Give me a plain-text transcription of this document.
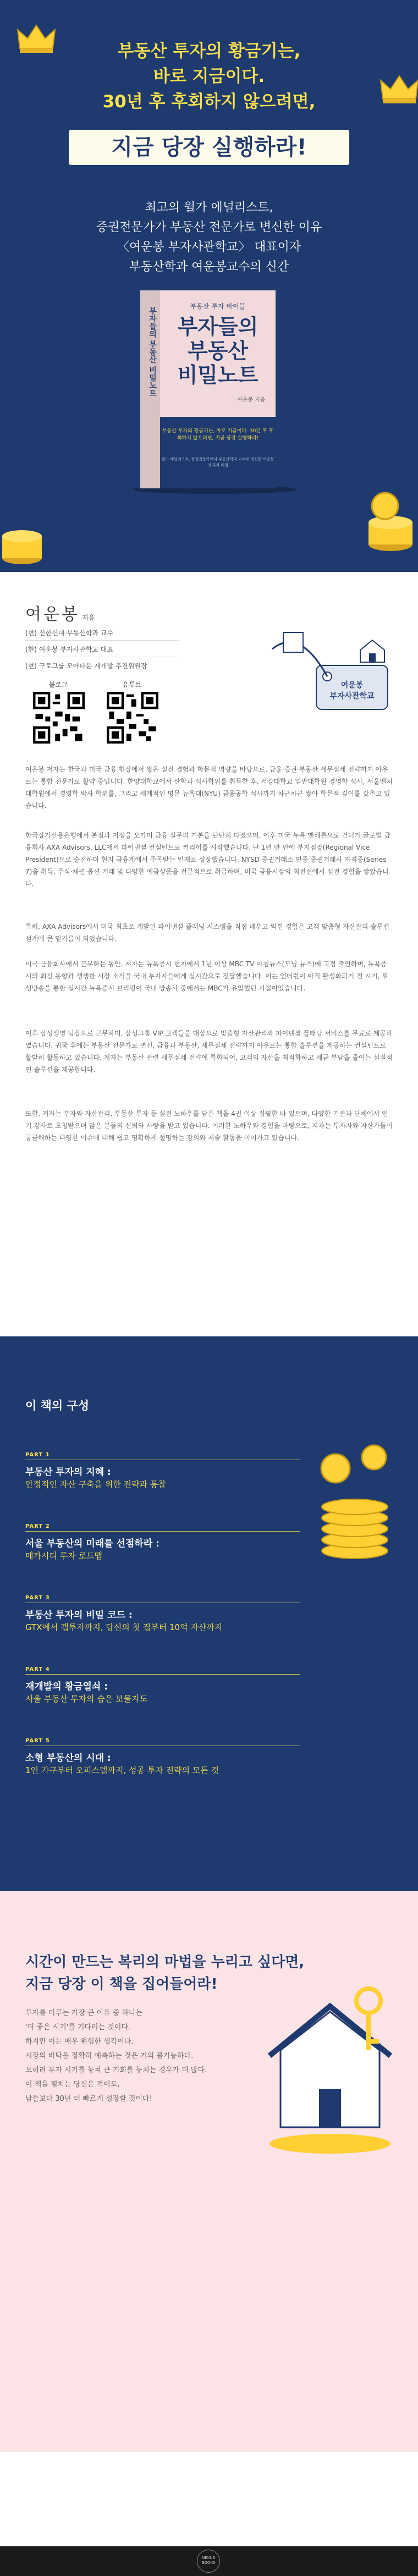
부동산 투자의 황금기는,
바로 지금이다.
30년 후 후회하지 않으려면,
지금 당장 실행하라!
최고의 월가 애널리스트,
증권전문가가 부동산 전문가로 변신한 이유
〈여운봉 부자사관학교〉 대표이자
부동산학과 여운봉교수의 신간
부자들의 부동산 비밀노트
부동산 투자 바이블
부자들의
부동산
비밀노트
여운봉 지음
부동산 투자의 황금기는, 바로 지금이다. 30년 후 후회하지 않으려면, 지금 당장 실행하라!
월가 애널리스트, 증권전문가에서 부동산학과 교수로 변신한 여운봉의 투자 비법
여운봉 지음
(현) 신한신대 부동산학과 교수
(현) 여운봉 부자사관학교 대표
(현) 구로그룹 모아타운 재개발 추진위원장
블로그	유튜브	여운봉
부자사관학교
여운봉 저자는 한국과 미국 금융 현장에서 쌓은 실전 경험과 학문적 역량을 바탕으로, 금융·증권·부동산 세무절세 전략까지 아우르는 통합 전문가로 활약 중입니다. 한양대학교에서 산학과 석사학위를 취득한 후, 서강대학교 일반대학원 경영학 석사, 서울벤처대학원에서 경영학 박사 학위를, 그리고 세계적인 명문 뉴욕대(NYU) 금융공학 석사까지 차근차근 쌓아 학문적 깊이를 갖추고 있습니다.
한국장기신용은행에서 본점과 지점을 오가며 금융 실무의 기본을 단단히 다졌으며, 이후 미국 뉴욕 맨해튼으로 건너가 글로벌 금융회사 AXA Advisors, LLC에서 파이낸셜 컨설턴트로 커리어를 시작했습니다. 단 1년 반 만에 부지점장(Regional Vice President)으로 승진하며 현지 금융계에서 주목받는 인재로 성장했습니다. NYSD 증권거래소 인증 증권거래사 자격증(Series 7)을 취득, 주식·채권·옵션 거래 및 다양한 예금상품을 전문적으로 취급하며, 미국 금융시장의 최전선에서 실전 경험을 쌓았습니다.
특히, AXA Advisors에서 미국 최초로 개발된 파이낸셜 플래닝 시스템을 직접 배우고 익힌 경험은 고객 맞춤형 자산관리 솔루션 설계에 큰 밑거름이 되었습니다.
미국 금융회사에서 근무하는 동안, 저자는 뉴욕증시 현지에서 1년 이상 MBC TV 아침뉴스(모닝 뉴스)에 고정 출연하며, 뉴욕증시의 최신 동향과 생생한 시장 소식을 국내 투자자들에게 실시간으로 전달했습니다. 이는 언더런이 아직 활성화되기 전 시기, 위성방송을 통한 실시간 뉴욕증시 브리핑이 국내 방송사 중에서는 MBC가 유일했던 시절이었습니다.
이후 삼성생명 팀장으로 근무하며, 삼성그룹 VIP 고객들을 대상으로 맞춤형 자산관리와 파이낸셜 플래닝 서비스를 무료로 제공하였습니다. 귀국 후에는 부동산 전문가로 변신, 금융과 부동산, 세무절세 전략까지 아우르는 통합 솔루션을 제공하는 컨설턴트로 활발히 활동하고 있습니다. 저자는 부동산 관련 세무절세 전략에 특화되어, 고객의 자산을 최적화하고 세금 부담을 줄이는 실질적인 솔루션을 제공합니다.
또한, 저자는 부자와 자산관리, 부동산 투자 등 실전 노하우를 담은 책을 4권 이상 집필한 바 있으며, 다양한 기관과 단체에서 인기 강사로 초청받으며 많은 분들의 신뢰와 사랑을 받고 있습니다. 이러한 노하우와 경험을 바탕으로, 저자는 투자자와 자산가들이 궁금해하는 다양한 이슈에 대해 쉽고 명확하게 설명하는 강의와 저술 활동을 이어가고 있습니다.
이 책의 구성
PART 1
부동산 투자의 지혜 :
안정적인 자산 구축을 위한 전략과 통찰
PART 2
서울 부동산의 미래를 선점하라 :
메가시티 투자 로드맵
PART 3
부동산 투자의 비밀 코드 :
GTX에서 갭투자까지, 당신의 첫 집부터 10억 자산까지
PART 4
재개발의 황금열쇠 :
서울 부동산 투자의 숨은 보물지도
PART 5
소형 부동산의 시대 :
1인 가구부터 오피스텔까지, 성공 투자 전략의 모든 것
시간이 만드는 복리의 마법을 누리고 싶다면,
지금 당장 이 책을 집어들어라!
투자를 미루는 가장 큰 이유 중 하나는
'더 좋은 시기'를 기다리는 것이다.
하지만 이는 매우 위험한 생각이다.
시장의 바닥을 정확히 예측하는 것은 거의 불가능하다.
오히려 투자 시기를 놓쳐 큰 기회를 놓치는 경우가 더 많다.
이 책을 펼치는 당신은 적어도,
남들보다 30년 더 빠르게 성장할 것이다!
NEXUS BOOKS
